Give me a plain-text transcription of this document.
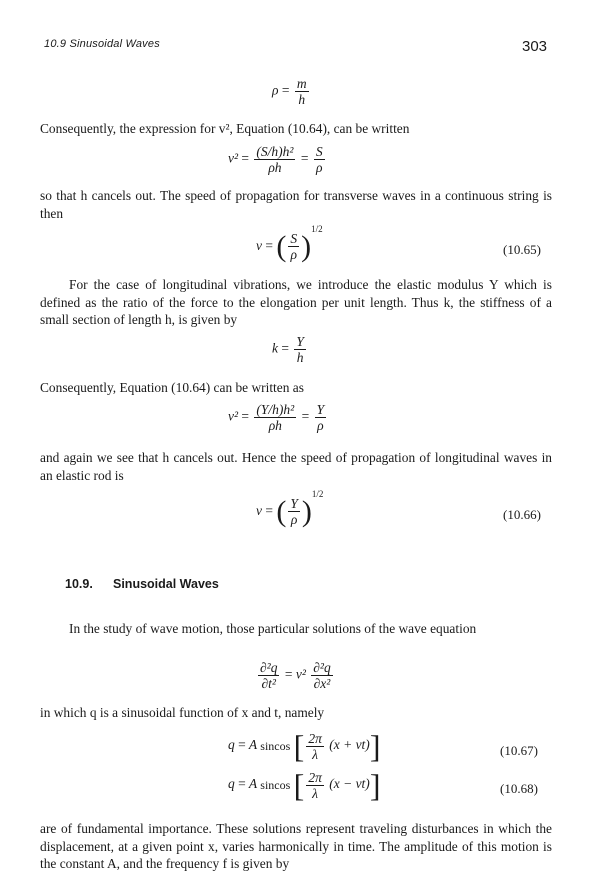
10.9 Sinusoidal Waves	303
$\rho = \frac{m}{h}$
Consequently, the expression for v², Equation (10.64), can be written
$v^2 = \frac{\text{(S/h)h²}}{\rho h} = \frac{S}{\rho}$
so that h cancels out. The speed of propagation for transverse waves in a continuous string is then
v = ( $\frac{S}{\rho} )^{1/2}$
(10.65)
For the case of longitudinal vibrations, we introduce the elastic modulus Y which is defined as the ratio of the force to the elongation per unit length. Thus k, the stiffness of a small section of length h, is given by
$k = \frac{Y}{h}$
Consequently, Equation (10.64) can be written as
$v^2 = \frac{\text{(Y/h)h²}}{\rho h} = \frac{Y}{\rho}$
and again we see that h cancels out. Hence the speed of propagation of longitudinal waves in an elastic rod is
v = ( $\frac{Y}{\rho} )^{1/2}$
(10.66)
10.9. Sinusoidal Waves
In the study of wave motion, those particular solutions of the wave equation
$\frac{\text{∂²q}}{\text{∂t²}} = v^2 \frac{\text{∂²q}}{\text{∂x²}}$
in which q is a sinusoidal function of x and t, namely
q = A sincos [ $\frac{2\pi}{\lambda} (x + vt)$]	(10.67)
q = A sincos [ $\frac{2\pi}{\lambda} (x - vt)$]	(10.68)
are of fundamental importance. These solutions represent traveling disturbances in which the displacement, at a given point x, varies harmonically in time. The amplitude of this motion is the constant A, and the frequency f is given by
